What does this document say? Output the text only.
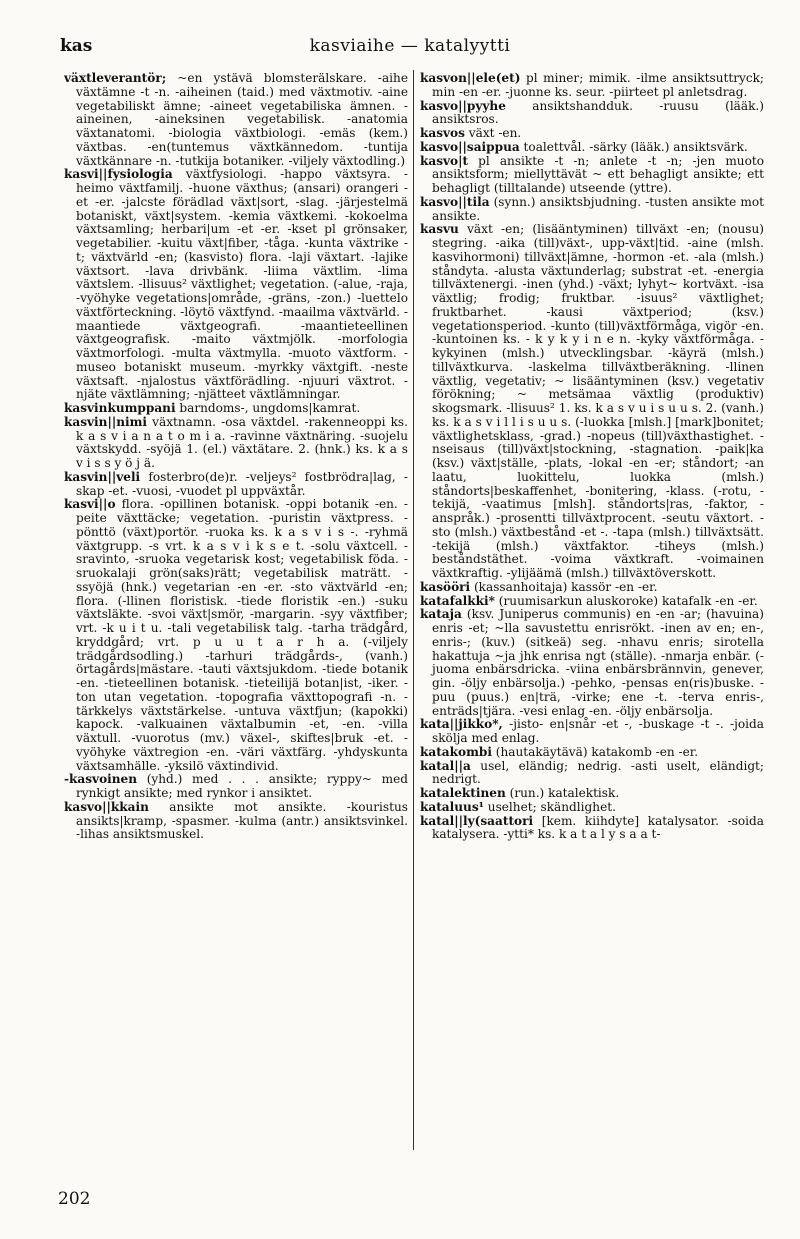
kas	kasviaihe — katalyytti

växtleverantör; ~en ystävä blomsterälskare. -aihe växtämne -t -n. -aiheinen (taid.) med växtmotiv. -aine vegetabiliskt ämne; -aineet vegetabiliska ämnen. -aineinen, -aineksinen vegetabilisk. -anatomia växtanatomi. -biologia växtbiologi. -emäs (kem.) växtbas. -en(tuntemus växtkännedom. -tuntija växtkännare -n. -tutkija botaniker. -viljely växtodling.)

kasvi||fysiologia växtfysiologi. -happo växtsyra. -heimo växtfamilj. -huone växthus; (ansari) orangeri -et -er. -jalcste förädlad växt|sort, -slag. -järjestelmä botaniskt, växt|system. -kemia växtkemi. -kokoelma växtsamling; herbari|um -et -er. -kset pl grönsaker, vegetabilier. -kuitu växt|fiber, -tåga. -kunta växtrike -t; växtvärld -en; (kasvisto) flora. -laji växtart. -lajike växtsort. -lava drivbänk. -liima växtlim. -lima växtslem. -llisuus² växtlighet; vegetation. (-alue, -raja, -vyöhyke vegetations|område, -gräns, -zon.) -luettelo växtförteckning. -löytö växtfynd. -maailma växtvärld. -maantiede växtgeografi. -maantieteellinen växtgeografisk. -maito växtmjölk. -morfologia växtmorfologi. -multa växtmylla. -muoto växtform. -museo botaniskt museum. -myrkky växtgift. -neste växtsaft. -njalostus växtförädling. -njuuri växtrot. -njäte växtlämning; -njätteet växtlämningar.

kasvinkumppani barndoms-, ungdoms|kamrat.

kasvin||nimi växtnamn. -osa växtdel. -rakenneoppi ks. k a s v i a n a t o m i a. -ravinne växtnäring. -suojelu växtskydd. -syöjä 1. (el.) växtätare. 2. (hnk.) ks. k a s v i s s y ö j ä.

kasvin||veli fosterbro(de)r. -veljeys² fostbrödra|lag, -skap -et. -vuosi, -vuodet pl uppväxtår.

kasvi||o flora. -opillinen botanisk. -oppi botanik -en. -peite växttäcke; vegetation. -puristin växtpress. -pönttö (växt)portör. -ruoka ks. k a s v i s -. -ryhmä växtgrupp. -s vrt. k a s v i k s e t. -solu växtcell. -sravinto, -sruoka vegetarisk kost; vegetabilisk föda. -sruokalaji grön(saks)rätt; vegetabilisk maträtt. -ssyöjä (hnk.) vegetarian -en -er. -sto växtvärld -en; flora. (-llinen floristisk. -tiede floristik -en.) -suku växtsläkte. -svoi växt|smör, -margarin. -syy växtfiber; vrt. -k u i t u. -tali vegetabilisk talg. -tarha trädgård, kryddgård; vrt. p u u t a r h a. (-viljely trädgårdsodling.) -tarhuri trädgårds-, (vanh.) örtagårds|mästare. -tauti växtsjukdom. -tiede botanik -en. -tieteellinen botanisk. -tieteilijä botan|ist, -iker. -ton utan vegetation. -topografia växttopografi -n. -tärkkelys växtstärkelse. -untuva växtfjun; (kapokki) kapock. -valkuainen växtalbumin -et, -en. -villa växtull. -vuorotus (mv.) växel-, skiftes|bruk -et. -vyöhyke växtregion -en. -väri växtfärg. -yhdyskunta växtsamhälle. -yksilö växtindivid.

-kasvoinen (yhd.) med . . . ansikte; ryppy~ med rynkigt ansikte; med rynkor i ansiktet.

kasvo||kkain ansikte mot ansikte. -kouristus ansikts|kramp, -spasmer. -kulma (antr.) ansiktsvinkel. -lihas ansiktsmuskel.

kasvon||ele(et) pl miner; mimik. -ilme ansiktsuttryck; min -en -er. -juonne ks. seur. -piirteet pl anletsdrag.

kasvo||pyyhe ansiktshandduk. -ruusu (lääk.) ansiktsros.

kasvos växt -en.

kasvo||saippua toalettvål. -särky (lääk.) ansiktsvärk.

kasvo|t pl ansikte -t -n; anlete -t -n; -jen muoto ansiktsform; miellyttävät ~ ett behagligt ansikte; ett behagligt (tilltalande) utseende (yttre).

kasvo||tila (synn.) ansiktsbjudning. -tusten ansikte mot ansikte.

kasvu växt -en; (lisääntyminen) tillväxt -en; (nousu) stegring. -aika (till)växt-, upp-växt|tid. -aine (mlsh. kasvihormoni) tillväxt|ämne, -hormon -et. -ala (mlsh.) ståndyta. -alusta växtunderlag; substrat -et. -energia tillväxtenergi. -inen (yhd.) -växt; lyhyt~ kortväxt. -isa växtlig; frodig; fruktbar. -isuus² växtlighet; fruktbarhet. -kausi växtperiod; (ksv.) vegetationsperiod. -kunto (till)växtförmåga, vigör -en. -kuntoinen ks. - k y k y i n e n. -kyky växtförmåga. -kykyinen (mlsh.) utvecklingsbar. -käyrä (mlsh.) tillväxtkurva. -laskelma tillväxtberäkning. -llinen växtlig, vegetativ; ~ lisääntyminen (ksv.) vegetativ förökning; ~ metsämaa växtlig (produktiv) skogsmark. -llisuus² 1. ks. k a s v u i s u u s. 2. (vanh.) ks. k a s v i l l i s u u s. (-luokka [mlsh.] [mark]bonitet; växtlighetsklass, -grad.) -nopeus (till)växthastighet. -nseisaus (till)växt|stockning, -stagnation. -paik|ka (ksv.) växt|ställe, -plats, -lokal -en -er; ståndort; -an laatu, luokittelu, luokka (mlsh.) ståndorts|beskaffenhet, -bonitering, -klass. (-rotu, -tekijä, -vaatimus [mlsh]. ståndorts|ras, -faktor, -anspråk.) -prosentti tillväxtprocent. -seutu växtort. -sto (mlsh.) växtbestånd -et -. -tapa (mlsh.) tillväxtsätt. -tekijä (mlsh.) växtfaktor. -tiheys (mlsh.) beståndstäthet. -voima växtkraft. -voimainen växtkraftig. -ylijäämä (mlsh.) tillväxtöverskott.

kasööri (kassanhoitaja) kassör -en -er.

katafalkki* (ruumisarkun aluskoroke) katafalk -en -er.

kataja (ksv. Juniperus communis) en -en -ar; (havuina) enris -et; ~lla savustettu enrisrökt. -inen av en; en-, enris-; (kuv.) (sitkeä) seg. -nhavu enris; sirotella hakattuja ~ja jhk enrisa ngt (ställe). -nmarja enbär. (-juoma enbärsdricka. -viina enbärsbrännvin, genever, gin. -öljy enbärsolja.) -pehko, -pensas en(ris)buske. -puu (puus.) en|trä, -virke; ene -t. -terva enris-, enträds|tjära. -vesi enlag -en. -öljy enbärsolja.

kata||jikko*, -jisto- en|snår -et -, -buskage -t -. -joida skölja med enlag.

katakombi (hautakäytävä) katakomb -en -er.

katal||a usel, eländig; nedrig. -asti uselt, eländigt; nedrigt.

katalektinen (run.) katalektisk.

kataluus¹ uselhet; skändlighet.

katal||ly(saattori [kem. kiihdyte] katalysator. -soida katalysera. -ytti* ks. k a t a l y s a a t-

202
